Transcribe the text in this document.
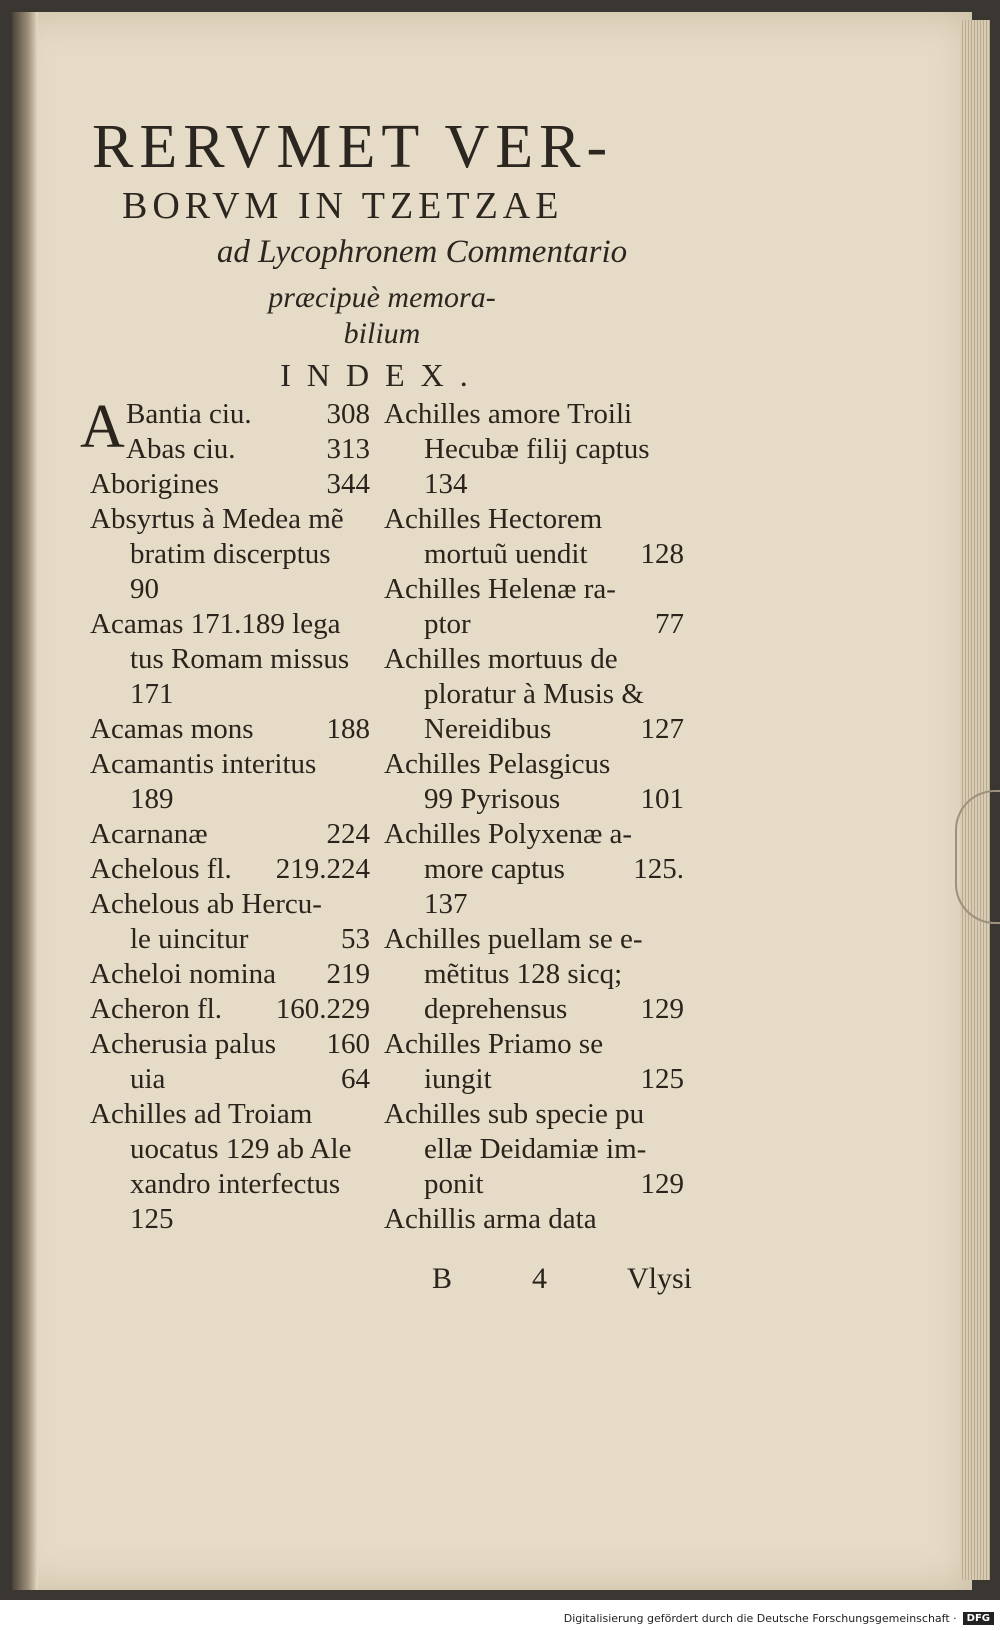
RERVMET VER-
BORVM IN TZETZAE
ad Lycophronem Commentario
præcipuè memora-
bilium
INDEX.
A Bantia ciu.	308
Abas ciu.	313
Aborigines	344
Absyrtus à Medea mẽ
bratim discerptus
90
Acamas 171.189 lega
tus Romam missus
171
Acamas mons	188
Acamantis interitus
189
Acarnanæ	224
Achelous fl. 219.224
Achelous ab Hercu-
le uincitur	53
Acheloi nomina 219
Acheron fl. 160.229
Acherusia palus 160
uia	64
Achilles ad Troiam
uocatus 129 ab Ale
xandro interfectus
125
Achilles amore Troili
Hecubæ filij captus
134
Achilles Hectorem
mortuũ uendit 128
Achilles Helenæ ra-
ptor	77
Achilles mortuus de
ploratur à Musis &
Nereidibus	127
Achilles Pelasgicus
99 Pyrisous	101
Achilles Polyxenæ a-
more captus 125.
137
Achilles puellam se e-
mẽtitus 128 sicq;
deprehensus	129
Achilles Priamo se
iungit	125
Achilles sub specie pu
ellæ Deidamiæ im-
ponit	129
Achillis arma data
B	4	Vlysi
Digitalisierung gefördert durch die Deutsche Forschungsgemeinschaft ·	DFG
